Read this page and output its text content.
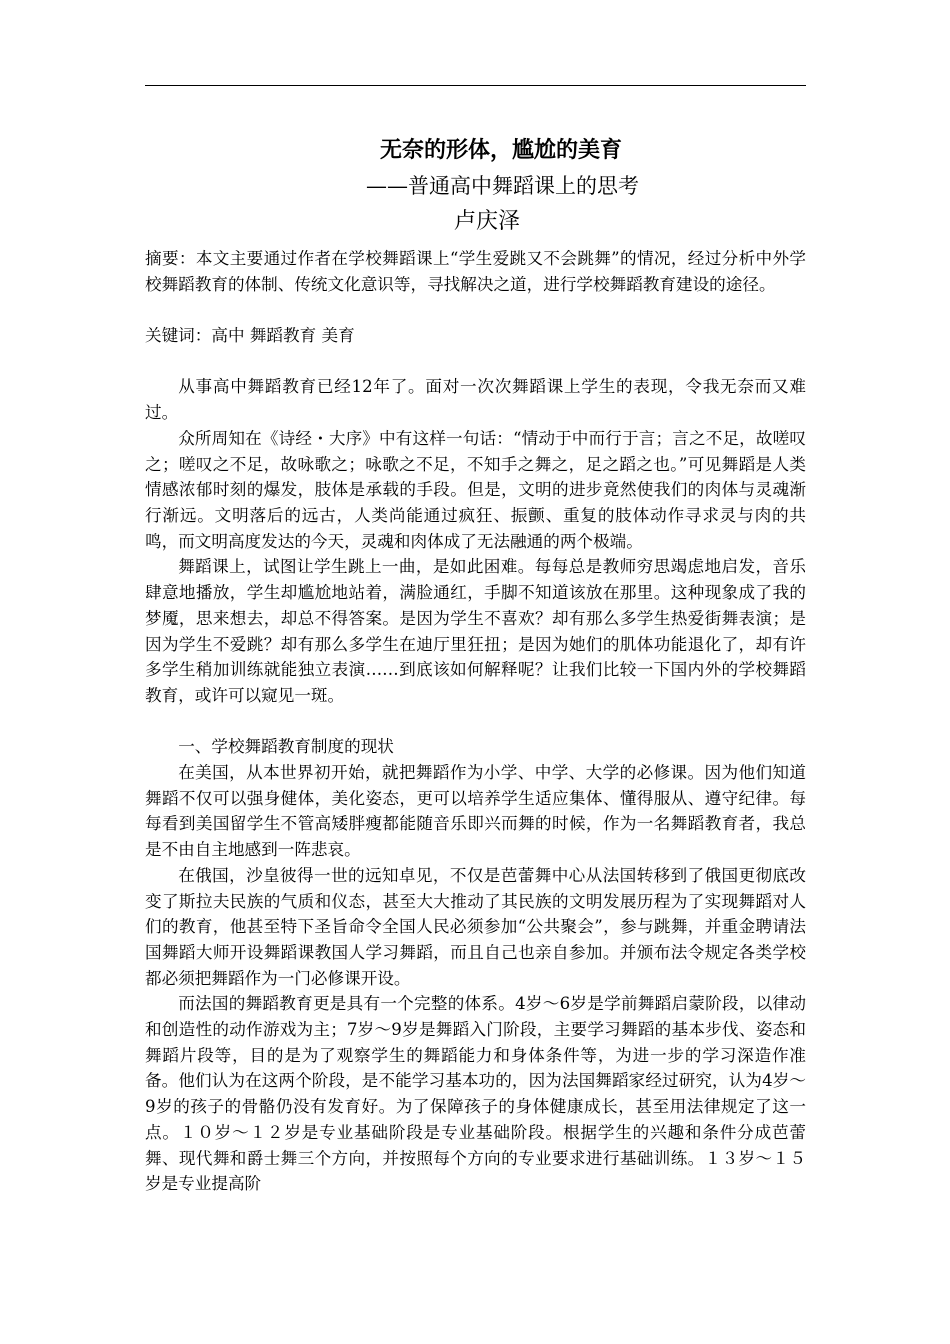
无奈的形体，尴尬的美育

——普通高中舞蹈课上的思考

卢庆泽

摘要：本文主要通过作者在学校舞蹈课上“学生爱跳又不会跳舞”的情况，经过分析中外学校舞蹈教育的体制、传统文化意识等，寻找解决之道，进行学校舞蹈教育建设的途径。

关键词：高中 舞蹈教育 美育

从事高中舞蹈教育已经12年了。面对一次次舞蹈课上学生的表现，令我无奈而又难过。

众所周知在《诗经・大序》中有这样一句话：“情动于中而行于言；言之不足，故嗟叹之；嗟叹之不足，故咏歌之；咏歌之不足，不知手之舞之，足之蹈之也。”可见舞蹈是人类情感浓郁时刻的爆发，肢体是承载的手段。但是，文明的进步竟然使我们的肉体与灵魂渐行渐远。文明落后的远古，人类尚能通过疯狂、振颤、重复的肢体动作寻求灵与肉的共鸣，而文明高度发达的今天，灵魂和肉体成了无法融通的两个极端。

舞蹈课上，试图让学生跳上一曲，是如此困难。每每总是教师穷思竭虑地启发，音乐肆意地播放，学生却尴尬地站着，满脸通红，手脚不知道该放在那里。这种现象成了我的梦魇，思来想去，却总不得答案。是因为学生不喜欢？却有那么多学生热爱街舞表演；是因为学生不爱跳？却有那么多学生在迪厅里狂扭；是因为她们的肌体功能退化了，却有许多学生稍加训练就能独立表演……到底该如何解释呢？让我们比较一下国内外的学校舞蹈教育，或许可以窥见一斑。

一、学校舞蹈教育制度的现状

在美国，从本世界初开始，就把舞蹈作为小学、中学、大学的必修课。因为他们知道舞蹈不仅可以强身健体，美化姿态，更可以培养学生适应集体、懂得服从、遵守纪律。每每看到美国留学生不管高矮胖瘦都能随音乐即兴而舞的时候，作为一名舞蹈教育者，我总是不由自主地感到一阵悲哀。

在俄国，沙皇彼得一世的远知卓见，不仅是芭蕾舞中心从法国转移到了俄国更彻底改变了斯拉夫民族的气质和仪态，甚至大大推动了其民族的文明发展历程为了实现舞蹈对人们的教育，他甚至特下圣旨命令全国人民必须参加“公共聚会”，参与跳舞，并重金聘请法国舞蹈大师开设舞蹈课教国人学习舞蹈，而且自己也亲自参加。并颁布法令规定各类学校都必须把舞蹈作为一门必修课开设。

而法国的舞蹈教育更是具有一个完整的体系。4岁～6岁是学前舞蹈启蒙阶段，以律动和创造性的动作游戏为主；7岁～9岁是舞蹈入门阶段，主要学习舞蹈的基本步伐、姿态和舞蹈片段等，目的是为了观察学生的舞蹈能力和身体条件等，为进一步的学习深造作准备。他们认为在这两个阶段，是不能学习基本功的，因为法国舞蹈家经过研究，认为4岁～9岁的孩子的骨骼仍没有发育好。为了保障孩子的身体健康成长，甚至用法律规定了这一点。１０岁～１２岁是专业基础阶段是专业基础阶段。根据学生的兴趣和条件分成芭蕾舞、现代舞和爵士舞三个方向，并按照每个方向的专业要求进行基础训练。１３岁～１５岁是专业提高阶
